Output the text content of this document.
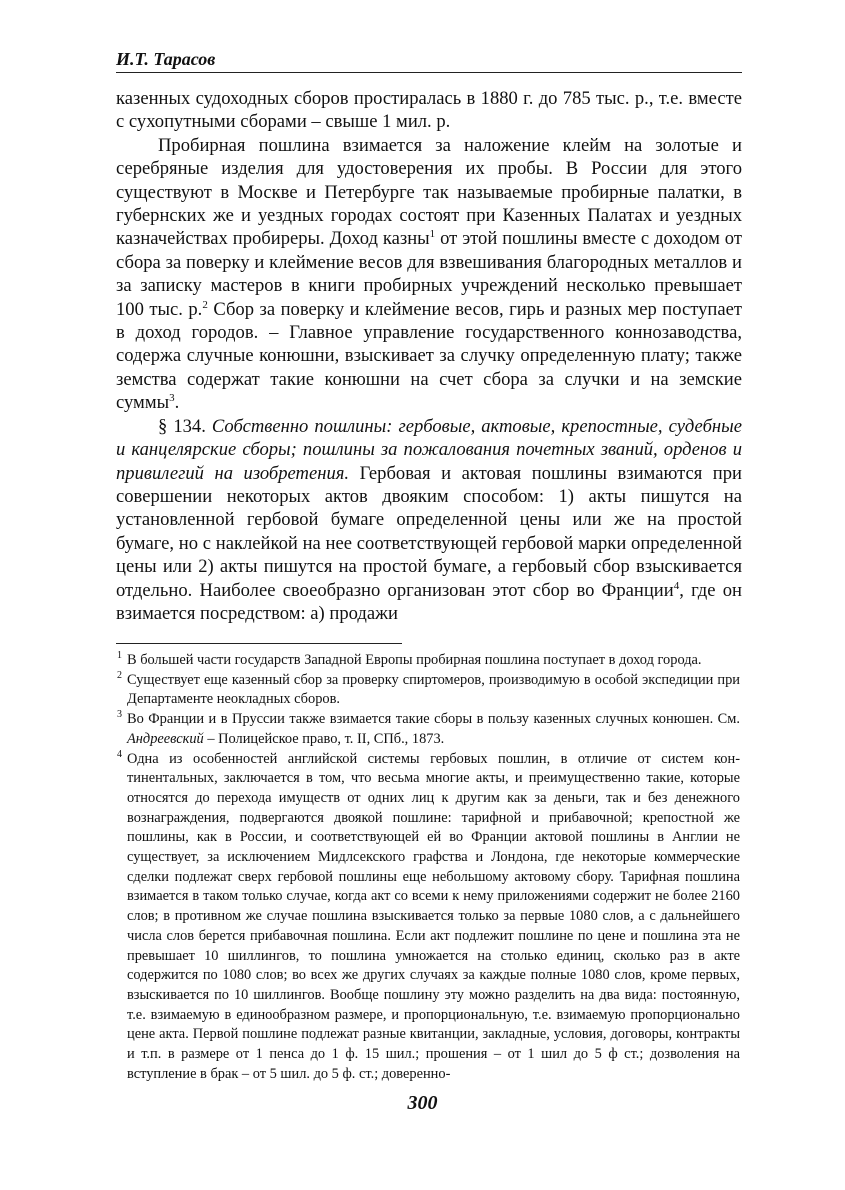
И.Т. Тарасов

казенных судоходных сборов простиралась в 1880 г. до 785 тыс. р., т.е. вместе с сухопутными сборами – свыше 1 мил. р.

Пробирная пошлина взимается за наложение клейм на золотые и серебряные изделия для удостоверения их пробы. В России для этого существуют в Москве и Петербурге так называемые пробирные палатки, в губернских же и уездных городах состоят при Казенных Палатах и уездных казначействах пробиреры. Доход казны$^1$ от этой пошлины вместе с доходом от сбора за поверку и клеймение весов для взвешивания благородных металлов и за записку мастеров в книги пробирных учреждений несколько превышает 100 тыс. р.$^2$ Сбор за поверку и клеймение весов, гирь и разных мер поступает в доход городов. – Главное управление государственного коннозаводства, содержа случные конюшни, взыскивает за случку определенную плату; также земства содержат такие конюшни на счет сбора за случки и на земские суммы$^3$.

§ 134. Собственно пошлины: гербовые, актовые, крепостные, судебные и канцелярские сборы; пошлины за пожалования почетных званий, орденов и привилегий на изобретения. Гербовая и актовая пошлины взимаются при совершении некоторых актов двояким способом: 1) акты пишутся на установленной гербовой бумаге определенной цены или же на простой бумаге, но с наклейкой на нее соответствующей гербовой марки определенной цены или 2) акты пишутся на простой бумаге, а гербовый сбор взыскивается отдельно. Наиболее своеобразно организован этот сбор во Франции$^4$, где он взимается посредством: а) продажи

1 В большей части государств Западной Европы пробирная пошлина поступает в доход города.

2 Существует еще казенный сбор за проверку спиртомеров, производимую в особой экспедиции при Департаменте неокладных сборов.

3 Во Франции и в Пруссии также взимается такие сборы в пользу казенных случных конюшен. См. Андреевский – Полицейское право, т. II, СПб., 1873.

4 Одна из особенностей английской системы гербовых пошлин, в отличие от систем континентальных, заключается в том, что весьма многие акты, и преимущественно такие, которые относятся до перехода имуществ от одних лиц к другим как за деньги, так и без денежного вознаграждения, подвергаются двоякой пошлине: тарифной и прибавочной; крепостной же пошлины, как в России, и соответствующей ей во Франции актовой пошлины в Англии не существует, за исключением Мидлсекского графства и Лондона, где некоторые коммерческие сделки подлежат сверх гербовой пошлины еще небольшому актовому сбору. Тарифная пошлина взимается в таком только случае, когда акт со всеми к нему приложениями содержит не более 2160 слов; в противном же случае пошлина взыскивается только за первые 1080 слов, а с дальнейшего числа слов берется прибавочная пошлина. Если акт подлежит пошлине по цене и пошлина эта не превышает 10 шиллингов, то пошлина умножается на столько единиц, сколько раз в акте содержится по 1080 слов; во всех же других случаях за каждые полные 1080 слов, кроме первых, взыскивается по 10 шиллингов. Вообще пошлину эту можно разделить на два вида: постоянную, т.е. взимаемую в единообразном размере, и пропорциональную, т.е. взимаемую пропорционально цене акта. Первой пошлине подлежат разные квитанции, закладные, условия, договоры, контракты и т.п. в размере от 1 пенса до 1 ф. 15 шил.; прошения – от 1 шил до 5 ф ст.; дозволения на вступление в брак – от 5 шил. до 5 ф. ст.; доверенно-

300
